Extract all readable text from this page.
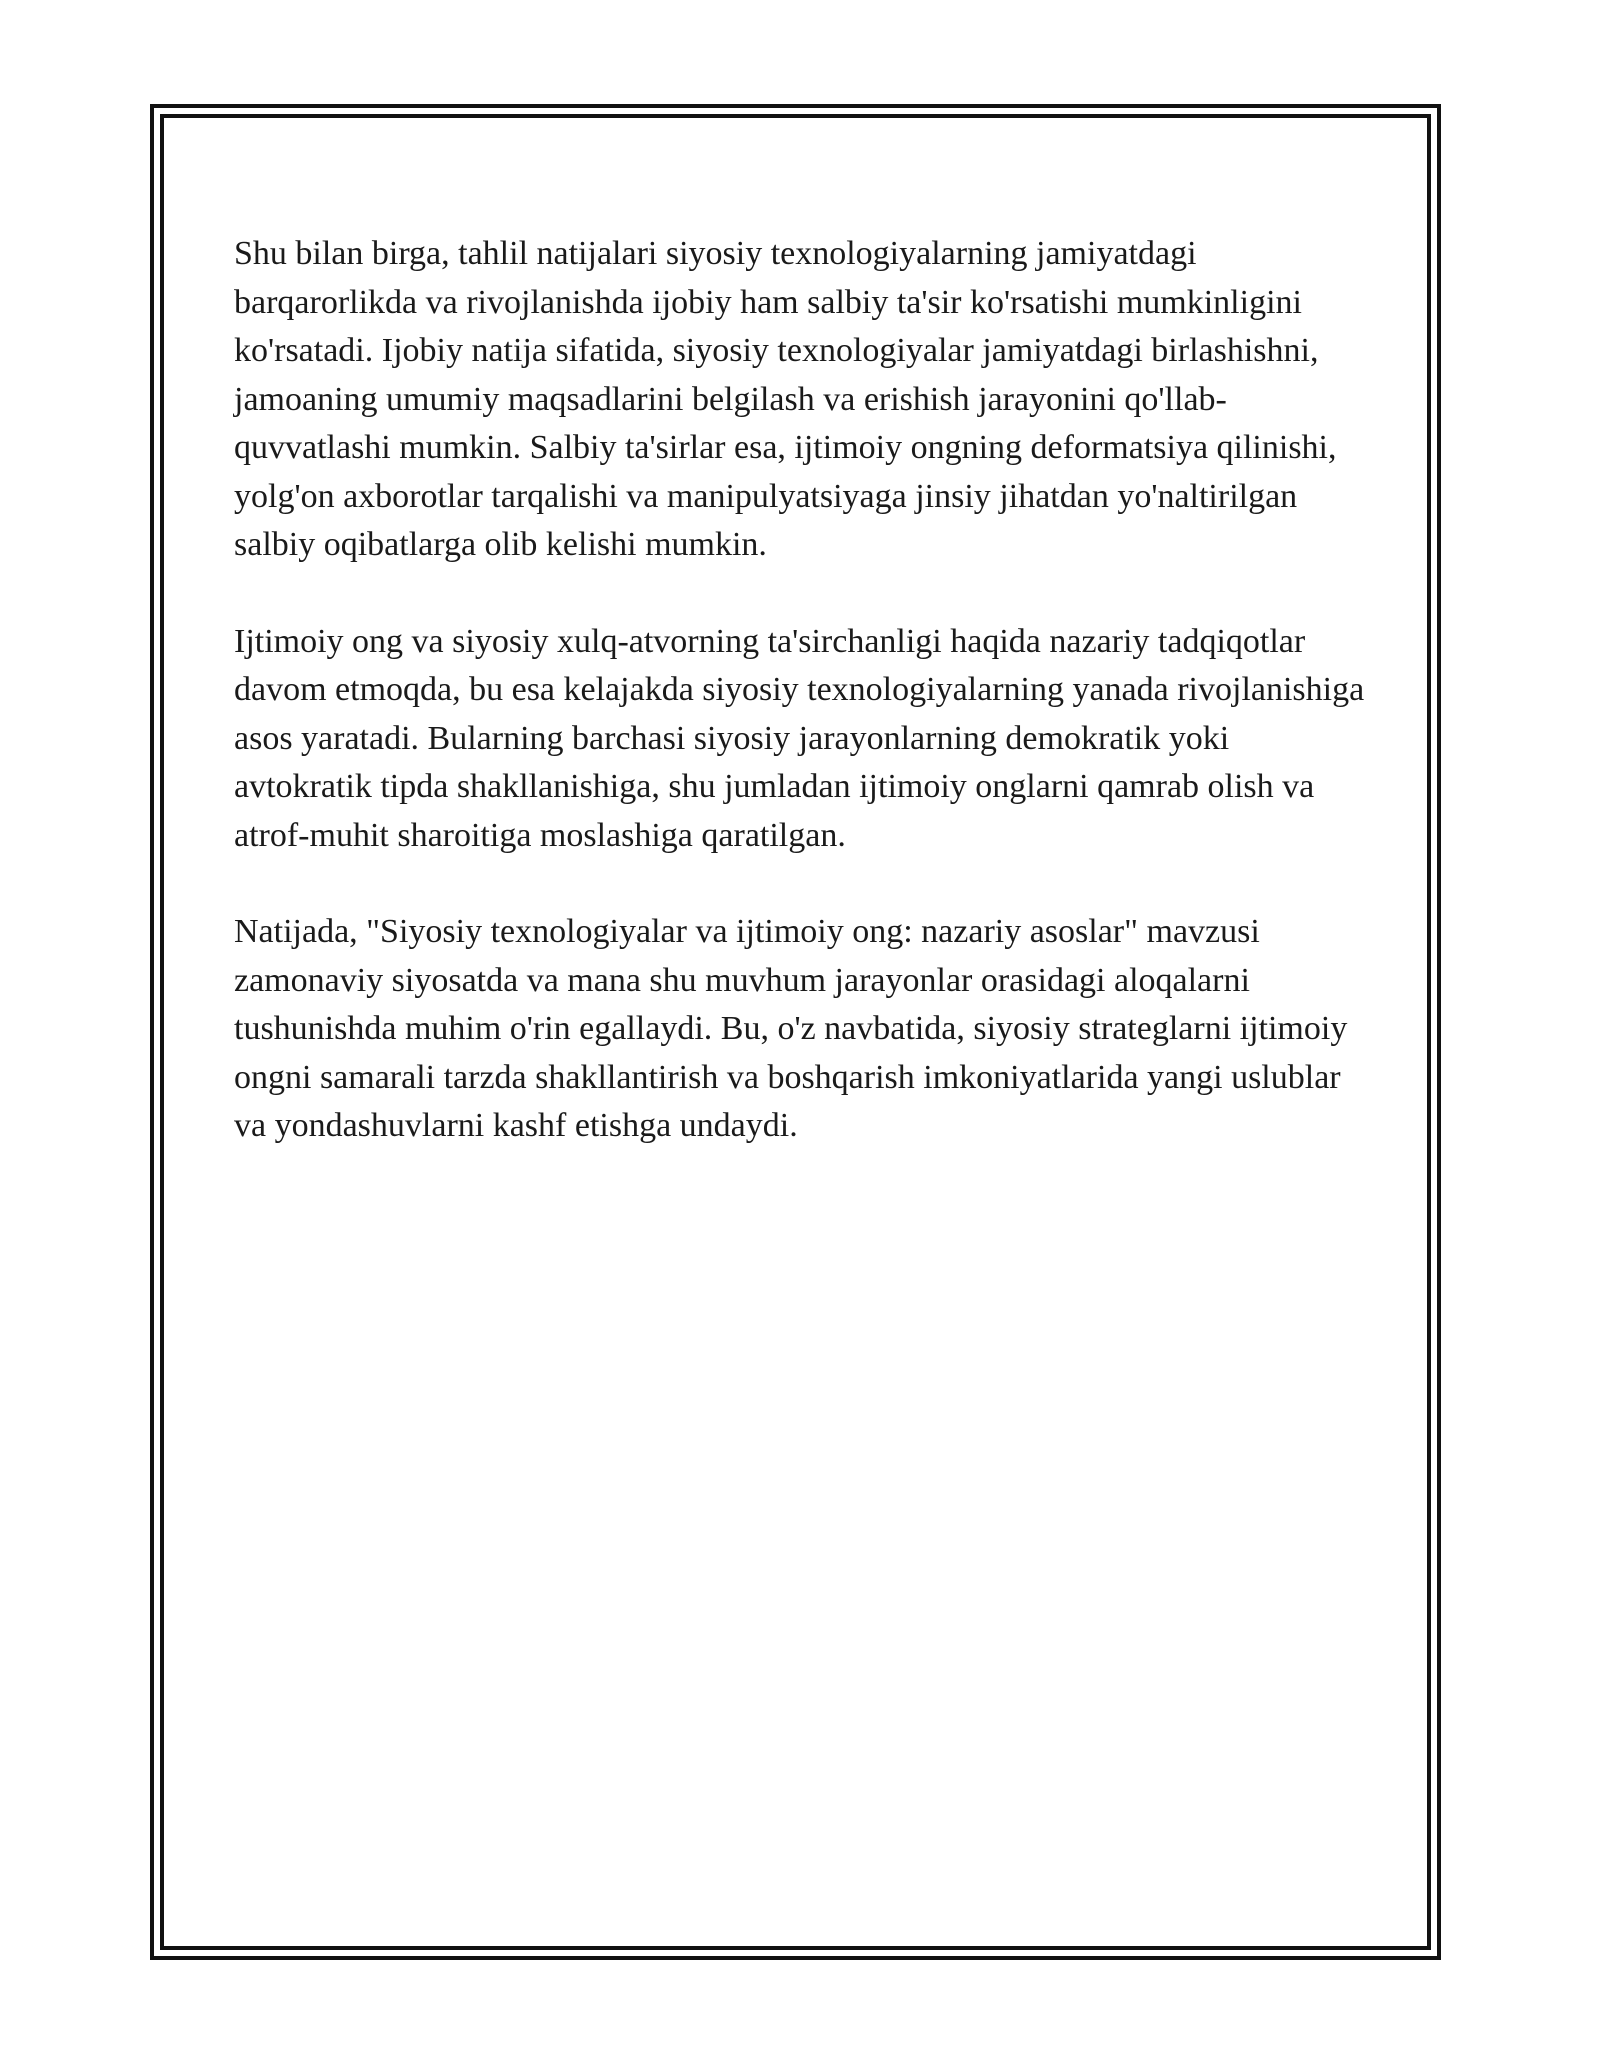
Shu bilan birga, tahlil natijalari siyosiy texnologiyalarning jamiyatdagi barqarorlikda va rivojlanishda ijobiy ham salbiy ta'sir ko'rsatishi mumkinligini ko'rsatadi. Ijobiy natija sifatida, siyosiy texnologiyalar jamiyatdagi birlashishni, jamoaning umumiy maqsadlarini belgilash va erishish jarayonini qo'llab-quvvatlashi mumkin. Salbiy ta'sirlar esa, ijtimoiy ongning deformatsiya qilinishi, yolg'on axborotlar tarqalishi va manipulyatsiyaga jinsiy jihatdan yo'naltirilgan salbiy oqibatlarga olib kelishi mumkin.

Ijtimoiy ong va siyosiy xulq-atvorning ta'sirchanligi haqida nazariy tadqiqotlar davom etmoqda, bu esa kelajakda siyosiy texnologiyalarning yanada rivojlanishiga asos yaratadi. Bularning barchasi siyosiy jarayonlarning demokratik yoki avtokratik tipda shakllanishiga, shu jumladan ijtimoiy onglarni qamrab olish va atrof-muhit sharoitiga moslashiga qaratilgan.

Natijada, "Siyosiy texnologiyalar va ijtimoiy ong: nazariy asoslar" mavzusi zamonaviy siyosatda va mana shu muvhum jarayonlar orasidagi aloqalarni tushunishda muhim o'rin egallaydi. Bu, o'z navbatida, siyosiy strateglarni ijtimoiy ongni samarali tarzda shakllantirish va boshqarish imkoniyatlarida yangi uslublar va yondashuvlarni kashf etishga undaydi.
